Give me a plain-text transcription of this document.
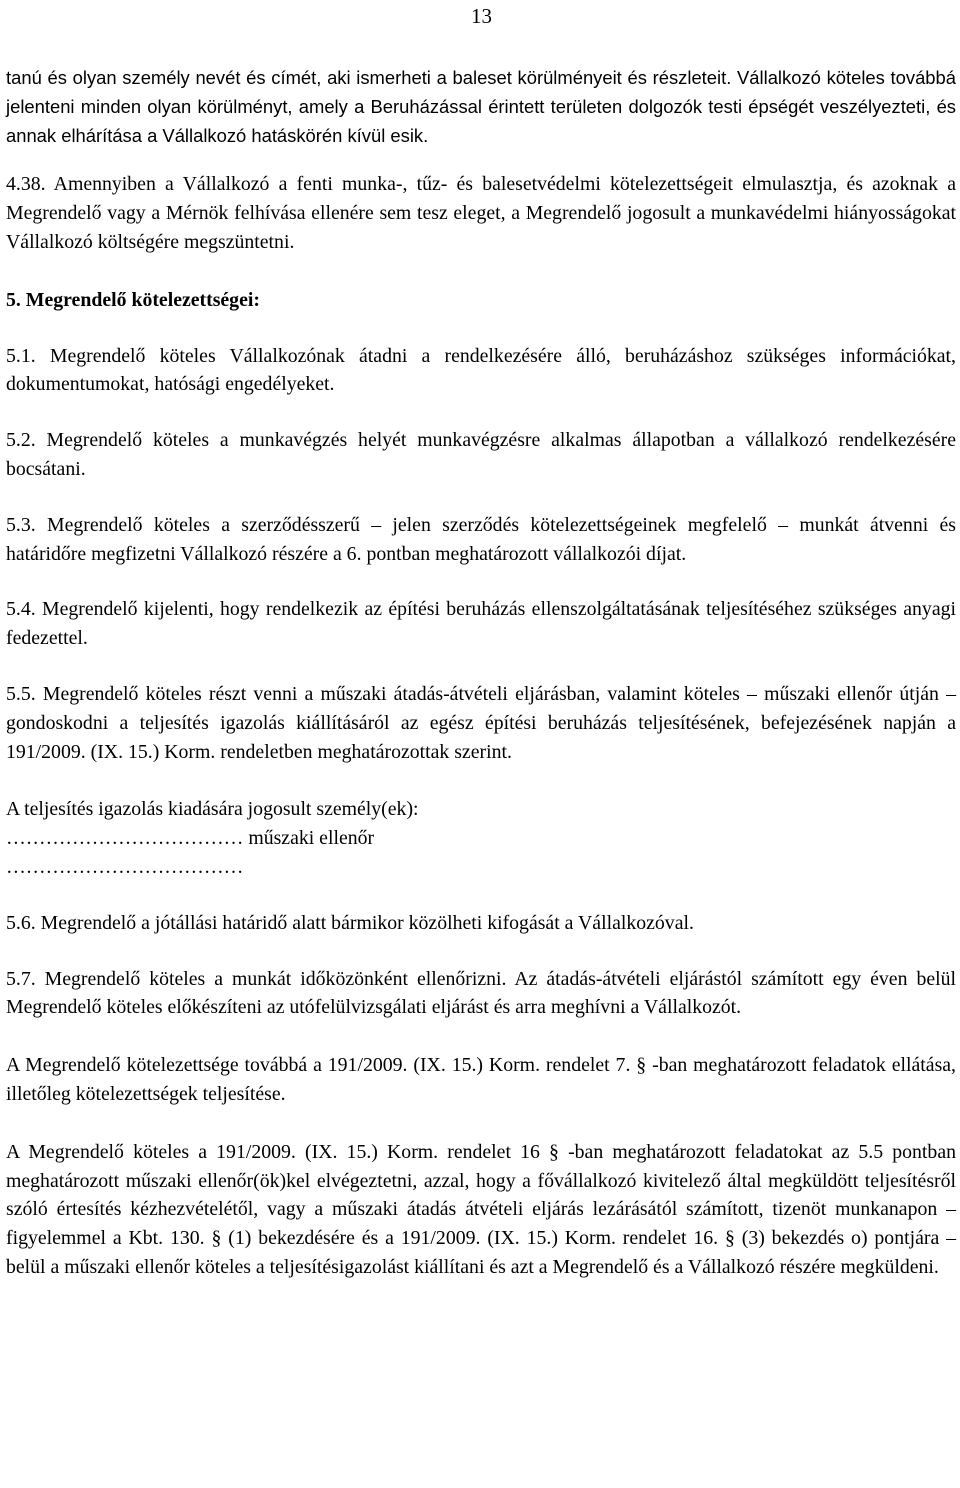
13

tanú és olyan személy nevét és címét, aki ismerheti a baleset körülményeit és részleteit. Vállalkozó köteles továbbá jelenteni minden olyan körülményt, amely a Beruházással érintett területen dolgozók testi épségét veszélyezteti, és annak elhárítása a Vállalkozó hatáskörén kívül esik.

4.38. Amennyiben a Vállalkozó a fenti munka-, tűz- és balesetvédelmi kötelezettségeit elmulasztja, és azoknak a Megrendelő vagy a Mérnök felhívása ellenére sem tesz eleget, a Megrendelő jogosult a munkavédelmi hiányosságokat Vállalkozó költségére megszüntetni.

5. Megrendelő kötelezettségei:

5.1. Megrendelő köteles Vállalkozónak átadni a rendelkezésére álló, beruházáshoz szükséges információkat, dokumentumokat, hatósági engedélyeket.

5.2. Megrendelő köteles a munkavégzés helyét munkavégzésre alkalmas állapotban a vállalkozó rendelkezésére bocsátani.

5.3. Megrendelő köteles a szerződésszerű – jelen szerződés kötelezettségeinek megfelelő – munkát átvenni és határidőre megfizetni Vállalkozó részére a 6. pontban meghatározott vállalkozói díjat.

5.4. Megrendelő kijelenti, hogy rendelkezik az építési beruházás ellenszolgáltatásának teljesítéséhez szükséges anyagi fedezettel.

5.5. Megrendelő köteles részt venni a műszaki átadás-átvételi eljárásban, valamint köteles – műszaki ellenőr útján – gondoskodni a teljesítés igazolás kiállításáról az egész építési beruházás teljesítésének, befejezésének napján a 191/2009. (IX. 15.) Korm. rendeletben meghatározottak szerint.

A teljesítés igazolás kiadására jogosult személy(ek):
……………………………… műszaki ellenőr
………………………………

5.6. Megrendelő a jótállási határidő alatt bármikor közölheti kifogását a Vállalkozóval.

5.7. Megrendelő köteles a munkát időközönként ellenőrizni. Az átadás-átvételi eljárástól számított egy éven belül Megrendelő köteles előkészíteni az utófelülvizsgálati eljárást és arra meghívni a Vállalkozót.

A Megrendelő kötelezettsége továbbá a 191/2009. (IX. 15.) Korm. rendelet 7. § -ban meghatározott feladatok ellátása, illetőleg kötelezettségek teljesítése.

A Megrendelő köteles a 191/2009. (IX. 15.) Korm. rendelet 16 § -ban meghatározott feladatokat az 5.5 pontban meghatározott műszaki ellenőr(ök)kel elvégeztetni, azzal, hogy a fővállalkozó kivitelező által megküldött teljesítésről szóló értesítés kézhezvételétől, vagy a műszaki átadás átvételi eljárás lezárásától számított, tizenöt munkanapon – figyelemmel a Kbt. 130. § (1) bekezdésére és a 191/2009. (IX. 15.) Korm. rendelet 16. § (3) bekezdés o) pontjára – belül a műszaki ellenőr köteles a teljesítésigazolást kiállítani és azt a Megrendelő és a Vállalkozó részére megküldeni.
